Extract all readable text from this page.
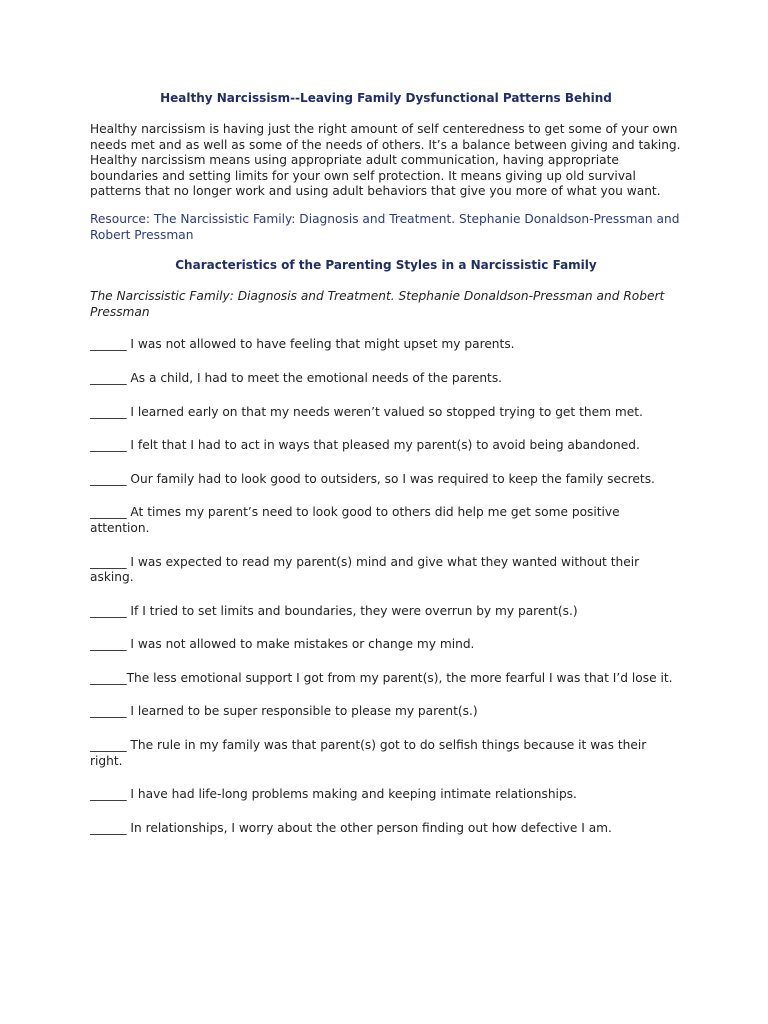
Healthy Narcissism--Leaving Family Dysfunctional Patterns Behind
Healthy narcissism is having just the right amount of self centeredness to get some of your own needs met and as well as some of the needs of others. It’s a balance between giving and taking. Healthy narcissism means using appropriate adult communication, having appropriate boundaries and setting limits for your own self protection. It means giving up old survival patterns that no longer work and using adult behaviors that give you more of what you want.
Resource: The Narcissistic Family: Diagnosis and Treatment. Stephanie Donaldson-Pressman and Robert Pressman
Characteristics of the Parenting Styles in a Narcissistic Family
The Narcissistic Family: Diagnosis and Treatment. Stephanie Donaldson-Pressman and Robert Pressman
______ I was not allowed to have feeling that might upset my parents.
______ As a child, I had to meet the emotional needs of the parents.
______ I learned early on that my needs weren’t valued so stopped trying to get them met.
______ I felt that I had to act in ways that pleased my parent(s) to avoid being abandoned.
______ Our family had to look good to outsiders, so I was required to keep the family secrets.
______ At times my parent’s need to look good to others did help me get some positive attention.
______ I was expected to read my parent(s) mind and give what they wanted without their asking.
______ If I tried to set limits and boundaries, they were overrun by my parent(s.)
______ I was not allowed to make mistakes or change my mind.
______The less emotional support I got from my parent(s), the more fearful I was that I’d lose it.
______ I learned to be super responsible to please my parent(s.)
______ The rule in my family was that parent(s) got to do selfish things because it was their right.
______ I have had life-long problems making and keeping intimate relationships.
______ In relationships, I worry about the other person finding out how defective I am.
